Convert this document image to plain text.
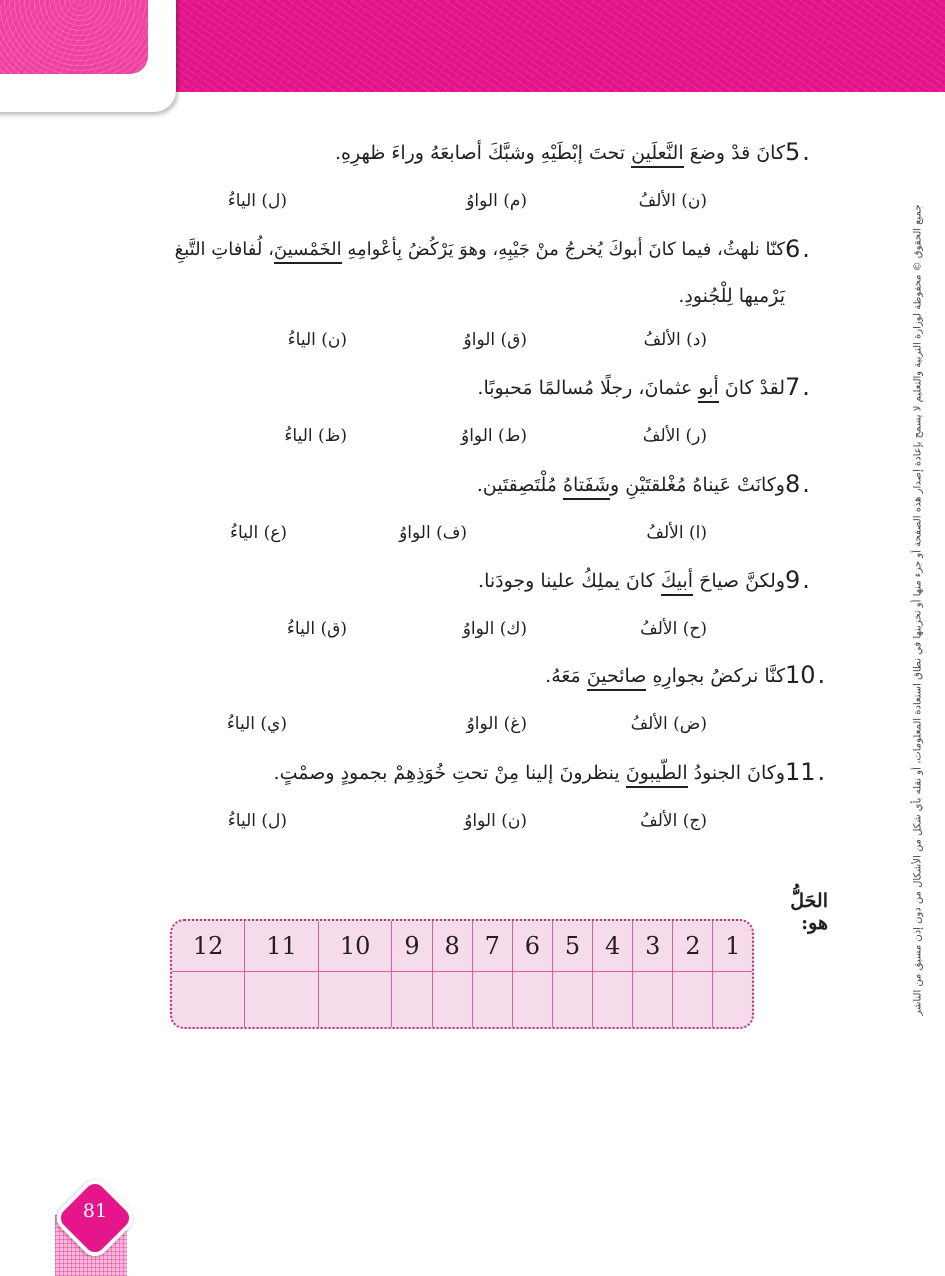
جميع الحقوق © محفوظة لوزارة التربية والتعليم لا يسمح بإعادة إصدار هذه الصفحة أو جزء منها أو تخزينها في نطاق استعادة المعلومات، أو نقله بأي شكل من الأشكال من دون إذن مسبق من الناشر
5.
كانَ قدْ وضعَ النَّعلَين تحتَ إبْطَيْهِ وشبَّكَ أصابعَهُ وراءَ ظهرِهِ.
(ن) الألفُ
(م) الواوُ
(ل) الياءُ
6.
كنّا نلهثُ، فيما كانَ أبوكَ يُخرجُ منْ جَيْبِهِ، وهوَ يَرْكُضُ بِأعْوامِهِ الخَمْسينَ، لُفافاتِ التَّبغِ
يَرْميها لِلْجُنودِ.
(د) الألفُ
(ق) الواوُ
(ن) الياءُ
7.
لقدْ كانَ أبو عثمانَ، رجلًا مُسالمًا مَحبوبًا.
(ر) الألفُ
(ط) الواوُ
(ظ) الياءُ
8.
وكانَتْ عَيناهُ مُغْلقتَيْنِ وشَفَتاهُ مُلْتَصِقتَين.
(ا) الألفُ
(ف) الواوُ
(ع) الياءُ
9.
ولكنَّ صياحَ أبيكَ كانَ يملِكُ علينا وجودَنا.
(ح) الألفُ
(ك) الواوُ
(ق) الياءُ
10.
كنَّا نركضُ بجوارِهِ صائحينَ مَعَهُ.
(ض) الألفُ
(غ) الواوُ
(ي) الياءُ
11.
وكانَ الجنودُ الطّيبونَ ينظرونَ إلينا مِنْ تحتِ خُوَذِهِمْ بجمودٍ وصمْتٍ.
(ج) الألفُ
(ن) الواوُ
(ل) الياءُ
الحَلُّ هو:
1	2	3	4	5	6	7	8	9	10	11	12

81
